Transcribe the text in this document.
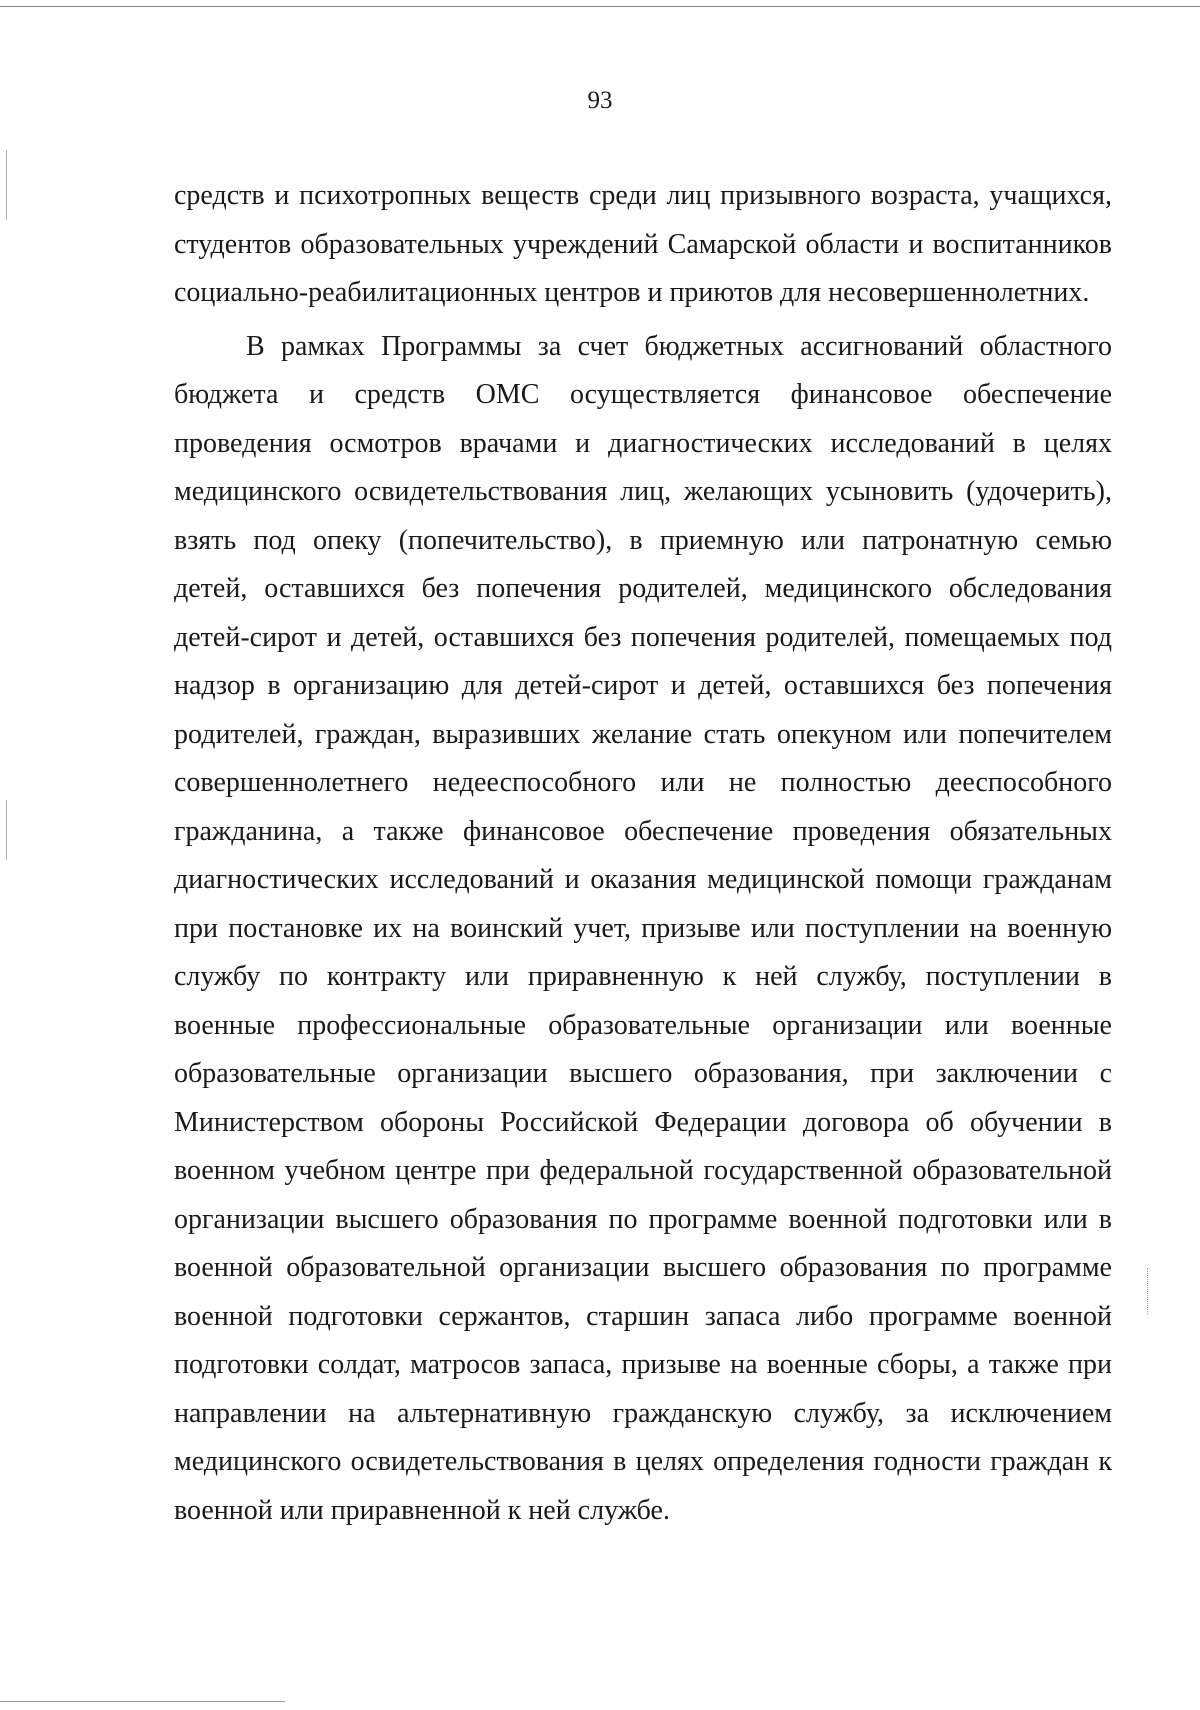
93
средств и психотропных веществ среди лиц призывного возраста, учащихся,
студентов образовательных учреждений Самарской области и воспитанников
социально-реабилитационных центров и приютов для несовершеннолетних.
В рамках Программы за счет бюджетных ассигнований областного
бюджета и средств ОМС осуществляется финансовое обеспечение
проведения осмотров врачами и диагностических исследований в целях
медицинского освидетельствования лиц, желающих усыновить (удочерить),
взять под опеку (попечительство), в приемную или патронатную семью
детей, оставшихся без попечения родителей, медицинского обследования
детей-сирот и детей, оставшихся без попечения родителей, помещаемых под
надзор в организацию для детей-сирот и детей, оставшихся без попечения
родителей, граждан, выразивших желание стать опекуном или попечителем
совершеннолетнего недееспособного или не полностью дееспособного
гражданина, а также финансовое обеспечение проведения обязательных
диагностических исследований и оказания медицинской помощи гражданам
при постановке их на воинский учет, призыве или поступлении на военную
службу по контракту или приравненную к ней службу, поступлении в
военные профессиональные образовательные организации или военные
образовательные организации высшего образования, при заключении с
Министерством обороны Российской Федерации договора об обучении в
военном учебном центре при федеральной государственной образовательной
организации высшего образования по программе военной подготовки или в
военной образовательной организации высшего образования по программе
военной подготовки сержантов, старшин запаса либо программе военной
подготовки солдат, матросов запаса, призыве на военные сборы, а также при
направлении на альтернативную гражданскую службу, за исключением
медицинского освидетельствования в целях определения годности граждан к
военной или приравненной к ней службе.
